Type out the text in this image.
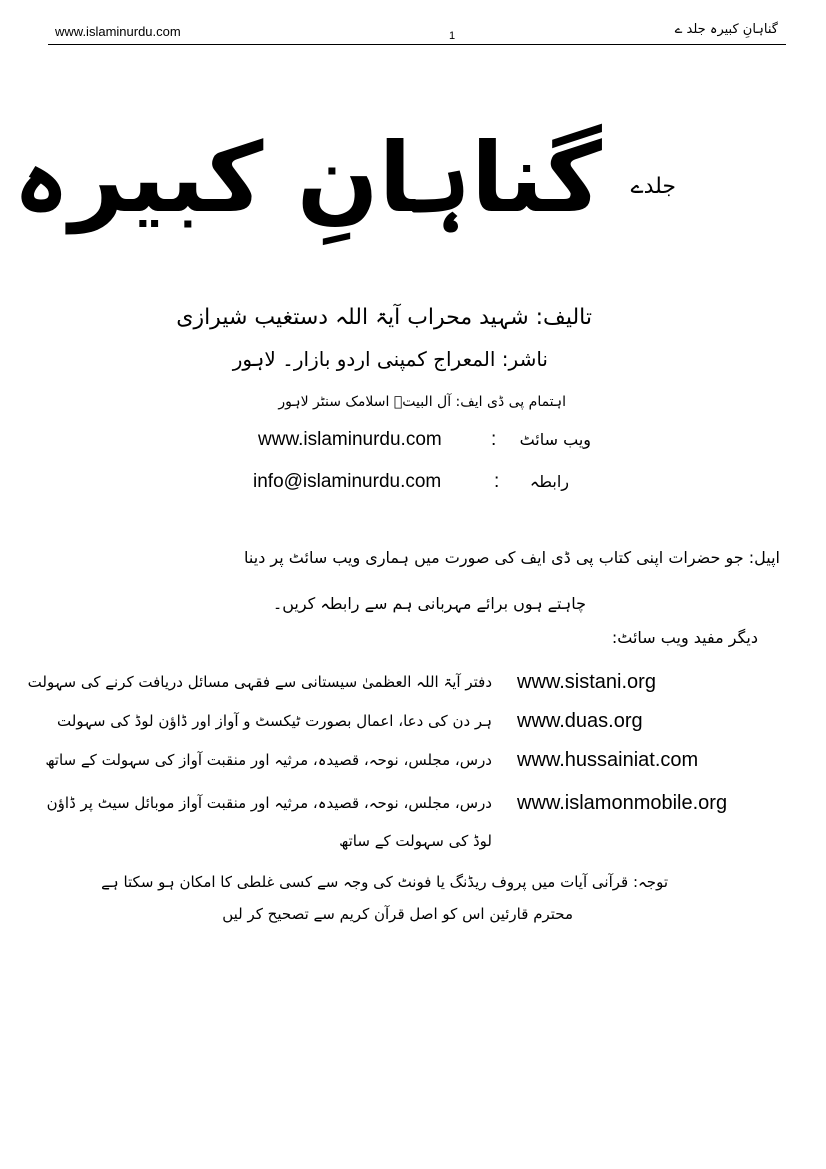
www.islaminurdu.com	1	گناہانِ کبیرہ جلد ے
گناہانِ کبیرہ جلدے
تالیف: شہید محراب آیۃ اللہ دستغیب شیرازی
ناشر: المعراج کمپنی اردو بازار۔ لاہور
اہتمام پی ڈی ایف: آل البیتؑ اسلامک سنٹر لاہور
ویب سائٹ
:
www.islaminurdu.com
رابطہ
:
info@islaminurdu.com
اپیل: جو حضرات اپنی کتاب پی ڈی ایف کی صورت میں ہماری ویب سائٹ پر دینا
چاہتے ہوں برائے مہربانی ہم سے رابطہ کریں۔
دیگر مفید ویب سائٹ:
www.sistani.org
دفتر آیۃ اللہ العظمیٰ سیستانی سے فقہی مسائل دریافت کرنے کی سہولت
www.duas.org
ہر دن کی دعا، اعمال بصورت ٹیکسٹ و آواز اور ڈاؤن لوڈ کی سہولت
www.hussainiat.com
درس، مجلس، نوحہ، قصیدہ، مرثیہ اور منقبت آواز کی سہولت کے ساتھ
www.islamonmobile.org
درس، مجلس، نوحہ، قصیدہ، مرثیہ اور منقبت آواز موبائل سیٹ پر ڈاؤن
لوڈ کی سہولت کے ساتھ
توجہ: قرآنی آیات میں پروف ریڈنگ یا فونٹ کی وجہ سے کسی غلطی کا امکان ہو سکتا ہے
محترم قارئین اس کو اصل قرآن کریم سے تصحیح کر لیں
